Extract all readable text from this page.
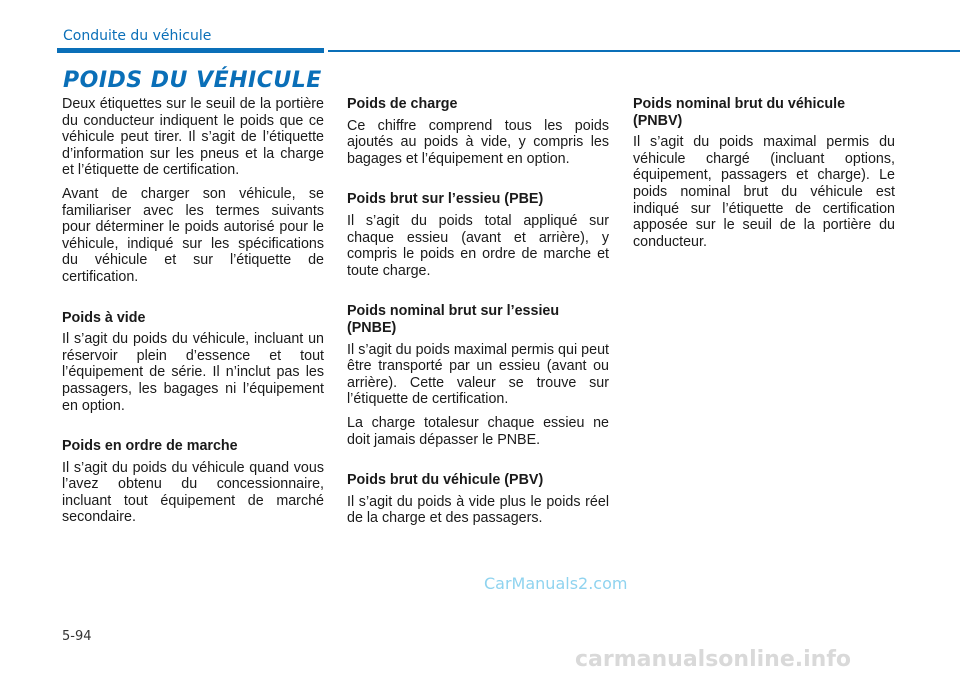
Conduite du véhicule
POIDS DU VÉHICULE

Deux étiquettes sur le seuil de la portière du conducteur indiquent le poids que ce véhicule peut tirer. Il s’agit de l’étiquette d’information sur les pneus et la charge et l’étiquette de certification.

Avant de charger son véhicule, se familiariser avec les termes suivants pour déterminer le poids autorisé pour le véhicule, indiqué sur les spécifications du véhicule et sur l’étiquette de certification.

Poids à vide

Il s’agit du poids du véhicule, incluant un réservoir plein d’essence et tout l’équipement de série. Il n’inclut pas les passagers, les bagages ni l’équipement en option.

Poids en ordre de marche

Il s’agit du poids du véhicule quand vous l’avez obtenu du concessionnaire, incluant tout équipement de marché secondaire.

Poids de charge

Ce chiffre comprend tous les poids ajoutés au poids à vide, y compris les bagages et l’équipement en option.

Poids brut sur l’essieu (PBE)

Il s’agit du poids total appliqué sur chaque essieu (avant et arrière), y compris le poids en ordre de marche et toute charge.

Poids nominal brut sur l’essieu (PNBE)

Il s’agit du poids maximal permis qui peut être transporté par un essieu (avant ou arrière). Cette valeur se trouve sur l’étiquette de certification.

La charge totalesur chaque essieu ne doit jamais dépasser le PNBE.

Poids brut du véhicule (PBV)

Il s’agit du poids à vide plus le poids réel de la charge et des passagers.

Poids nominal brut du véhicule (PNBV)

Il s’agit du poids maximal permis du véhicule chargé (incluant options, équipement, passagers et charge). Le poids nominal brut du véhicule est indiqué sur l’étiquette de certification apposée sur le seuil de la portière du conducteur.

CarManuals2.com
5-94
carmanualsonline.info
